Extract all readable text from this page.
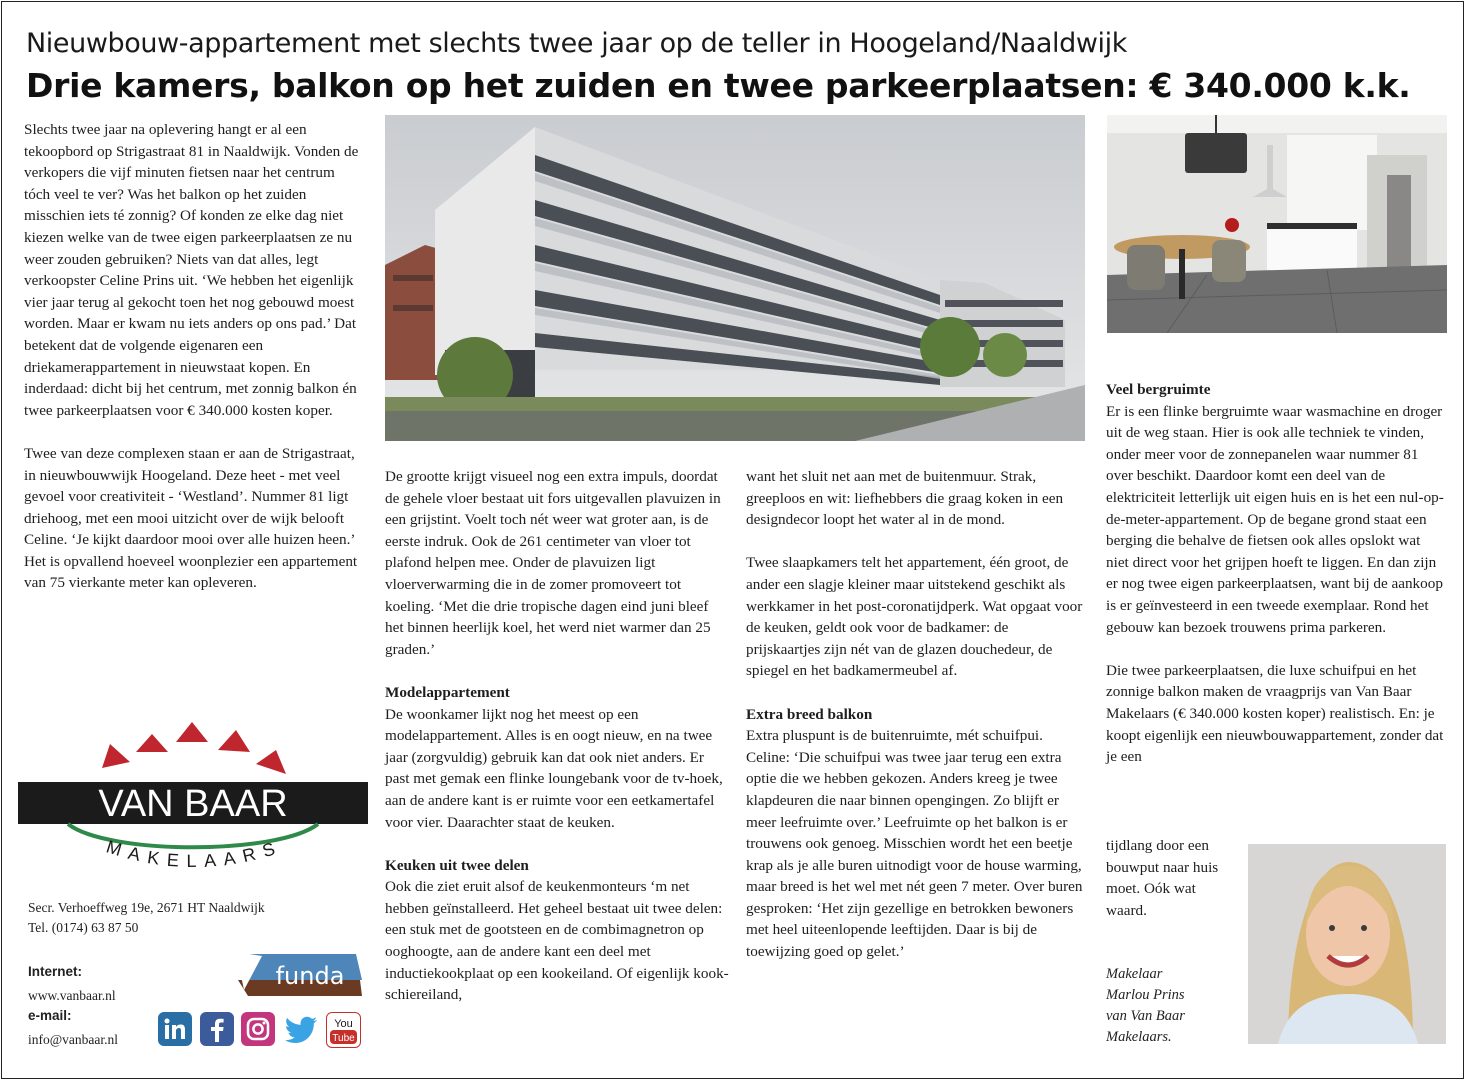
Nieuwbouw-appartement met slechts twee jaar op de teller in Hoogeland/Naaldwijk
Drie kamers, balkon op het zuiden en twee parkeerplaatsen: € 340.000 k.k.

Slechts twee jaar na oplevering hangt er al een tekoopbord op Strigastraat 81 in Naaldwijk. Vonden de verkopers die vijf minuten fietsen naar het centrum tóch veel te ver? Was het balkon op het zuiden misschien iets té zonnig? Of konden ze elke dag niet kiezen welke van de twee eigen parkeerplaatsen ze nu weer zouden gebruiken? Niets van dat alles, legt verkoopster Celine Prins uit. ‘We hebben het eigenlijk vier jaar terug al gekocht toen het nog gebouwd moest worden. Maar er kwam nu iets anders op ons pad.’ Dat betekent dat de volgende eigenaren een driekamerappartement in nieuwstaat kopen. En inderdaad: dicht bij het centrum, met zonnig balkon én twee parkeerplaatsen voor € 340.000 kosten koper.

Twee van deze complexen staan er aan de Strigastraat, in nieuwbouwwijk Hoogeland. Deze heet - met veel gevoel voor creativiteit - ‘Westland’. Nummer 81 ligt driehoog, met een mooi uitzicht over de wijk belooft Celine. ‘Je kijkt daardoor mooi over alle huizen heen.’ Het is opvallend hoeveel woonplezier een appartement van 75 vierkante meter kan opleveren.

De grootte krijgt visueel nog een extra impuls, doordat de gehele vloer bestaat uit fors uitgevallen plavuizen in een grijstint. Voelt toch nét weer wat groter aan, is de eerste indruk. Ook de 261 centimeter van vloer tot plafond helpen mee. Onder de plavuizen ligt vloerverwarming die in de zomer promoveert tot koeling. ‘Met die drie tropische dagen eind juni bleef het binnen heerlijk koel, het werd niet warmer dan 25 graden.’

Modelappartement

De woonkamer lijkt nog het meest op een modelappartement. Alles is en oogt nieuw, en na twee jaar (zorgvuldig) gebruik kan dat ook niet anders. Er past met gemak een flinke loungebank voor de tv-hoek, aan de andere kant is er ruimte voor een eetkamertafel voor vier. Daarachter staat de keuken.

Keuken uit twee delen

Ook die ziet eruit alsof de keukenmonteurs ‘m net hebben geïnstalleerd. Het geheel bestaat uit twee delen: een stuk met de gootsteen en de combimagnetron op ooghoogte, aan de andere kant een deel met inductiekookplaat op een kookeiland. Of eigenlijk kook-schiereiland,

want het sluit net aan met de buitenmuur. Strak, greeploos en wit: liefhebbers die graag koken in een designdecor loopt het water al in de mond.

Twee slaapkamers telt het appartement, één groot, de ander een slagje kleiner maar uitstekend geschikt als werkkamer in het post-coronatijdperk. Wat opgaat voor de keuken, geldt ook voor de badkamer: de prijskaartjes zijn nét van de glazen douchedeur, de spiegel en het badkamermeubel af.

Extra breed balkon

Extra pluspunt is de buitenruimte, mét schuifpui. Celine: ‘Die schuifpui was twee jaar terug een extra optie die we hebben gekozen. Anders kreeg je twee klapdeuren die naar binnen opengingen. Zo blijft er meer leefruimte over.’ Leefruimte op het balkon is er trouwens ook genoeg. Misschien wordt het een beetje krap als je alle buren uitnodigt voor de house warming, maar breed is het wel met nét geen 7 meter. Over buren gesproken: ‘Het zijn gezellige en betrokken bewoners met heel uiteenlopende leeftijden. Daar is bij de toewijzing goed op gelet.’

Veel bergruimte

Er is een flinke bergruimte waar wasmachine en droger uit de weg staan. Hier is ook alle techniek te vinden, onder meer voor de zonnepanelen waar nummer 81 over beschikt. Daardoor komt een deel van de elektriciteit letterlijk uit eigen huis en is het een nul-op-de-meter-appartement. Op de begane grond staat een berging die behalve de fietsen ook alles opslokt wat niet direct voor het grijpen hoeft te liggen. En dan zijn er nog twee eigen parkeerplaatsen, want bij de aankoop is er geïnvesteerd in een tweede exemplaar. Rond het gebouw kan bezoek trouwens prima parkeren.

Die twee parkeerplaatsen, die luxe schuifpui en het zonnige balkon maken de vraagprijs van Van Baar Makelaars (€ 340.000 kosten koper) realistisch. En: je koopt eigenlijk een nieuwbouwappartement, zonder dat je een

tijdlang door een bouwput naar huis moet. Oók wat waard.

Makelaar
Marlou Prins
van Van Baar
Makelaars.
VAN BAAR
MAKELAARS
Secr. Verhoeffweg 19e, 2671 HT Naaldwijk
Tel. (0174) 63 87 50
Internet:
www.vanbaar.nl
e-mail:
info@vanbaar.nl
funda
You
Tube
